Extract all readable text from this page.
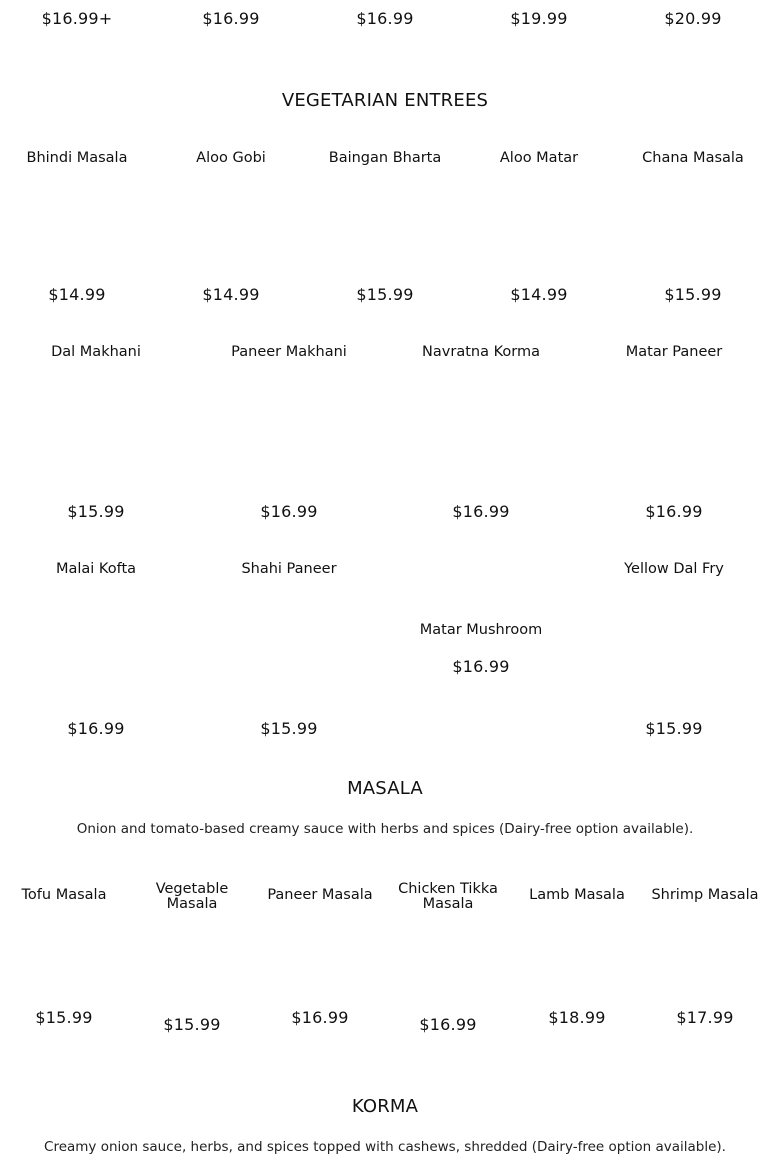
$16.99+	$16.99	$16.99	$19.99	$20.99
VEGETARIAN ENTREES
Bhindi Masala
$14.99
Aloo Gobi
$14.99
Baingan Bharta
$15.99
Aloo Matar
$14.99
Chana Masala
$15.99
Dal Makhani
$15.99
Paneer Makhani
$16.99
Navratna Korma
$16.99
Matar Paneer
$16.99
Malai Kofta
$16.99
Shahi Paneer
$15.99
Matar Mushroom
$16.99
Yellow Dal Fry
$15.99
MASALA
Onion and tomato-based creamy sauce with herbs and spices (Dairy-free option available).
Tofu Masala
$15.99
Vegetable Masala
$15.99
Paneer Masala
$16.99
Chicken Tikka Masala
$16.99
Lamb Masala
$18.99
Shrimp Masala
$17.99
KORMA
Creamy onion sauce, herbs, and spices topped with cashews, shredded (Dairy-free option available).
